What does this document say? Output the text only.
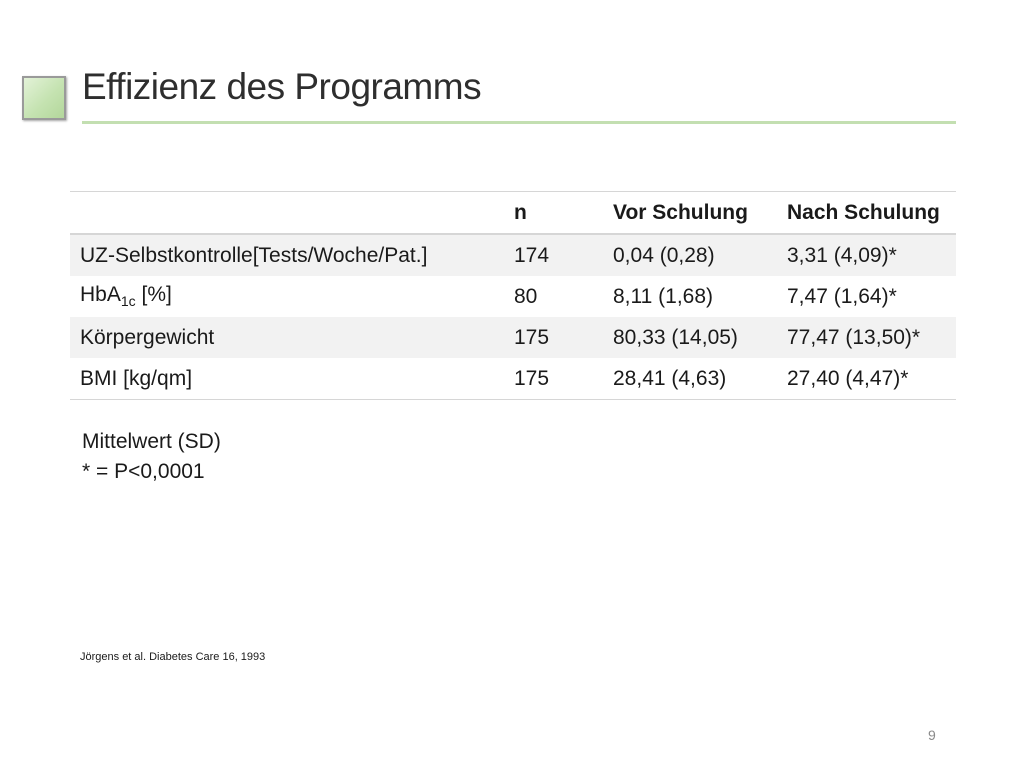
Effizienz des Programms
	n	Vor Schulung	Nach Schulung
UZ-Selbstkontrolle[Tests/Woche/Pat.]	174	0,04 (0,28)	3,31 (4,09)*
HbA$_{1c}$ [%]	80	8,11 (1,68)	7,47 (1,64)*
Körpergewicht	175	80,33 (14,05)	77,47 (13,50)*
BMI [kg/qm]	175	28,41 (4,63)	27,40 (4,47)*
Mittelwert (SD)
* = P<0,0001
Jörgens et al. Diabetes Care 16, 1993
9
